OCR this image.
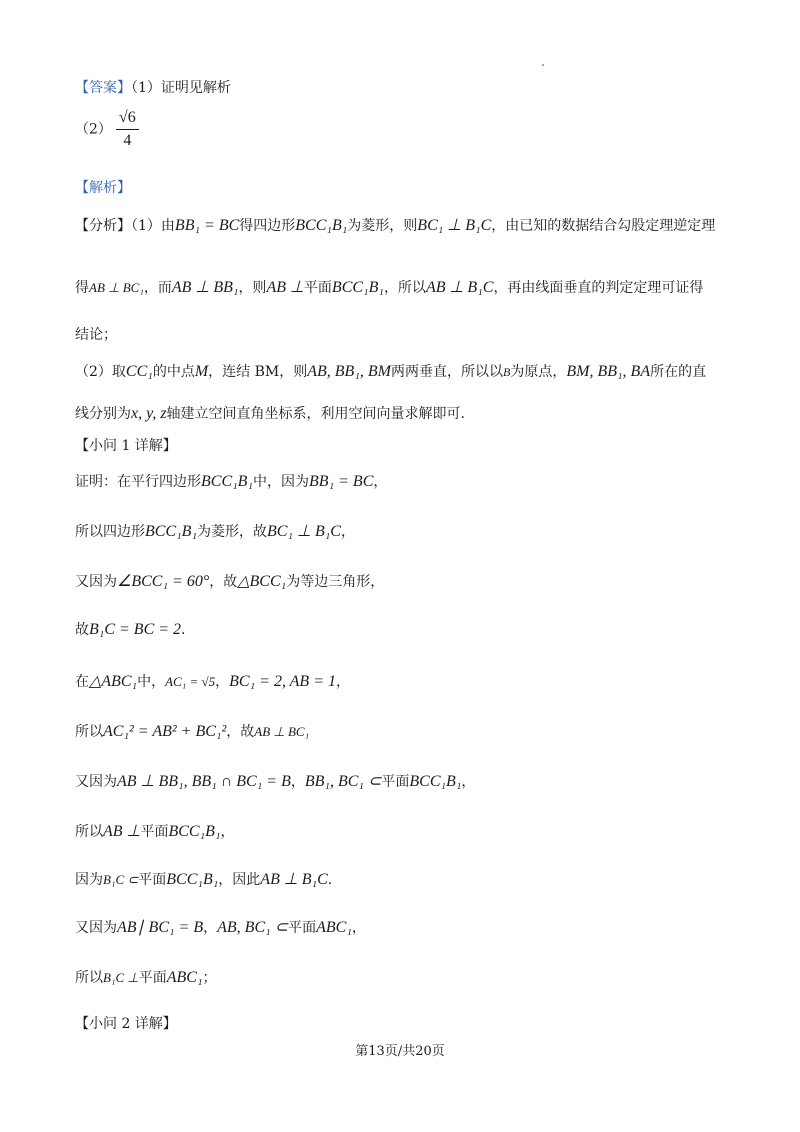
【答案】（1）证明见解析
$(2) \frac{√6}{4}$
【解析】
【分析】（1）由BB₁ = BC得四边形BCC₁B₁为菱形，则BC₁ ⊥ B₁C，由已知的数据结合勾股定理逆定理
得AB ⊥ BC₁，而AB ⊥ BB₁，则AB ⊥平面BCC₁B₁，所以AB ⊥ B₁C，再由线面垂直的判定定理可证得
结论；
（2）取CC₁的中点M，连结 BM，则AB, BB₁, BM两两垂直，所以以B为原点，BM, BB₁, BA所在的直
线分别为x, y, z轴建立空间直角坐标系，利用空间向量求解即可.
【小问 1 详解】
证明：在平行四边形BCC₁B₁中，因为BB₁ = BC，
所以四边形BCC₁B₁为菱形，故BC₁ ⊥ B₁C，
又因为∠BCC₁ = 60°，故△BCC₁为等边三角形，
故B₁C = BC = 2.
在△ABC₁中，AC₁ = √5，BC₁ = 2, AB = 1，
所以AC₁² = AB² + BC₁²，故AB ⊥ BC₁
又因为AB ⊥ BB₁, BB₁ ∩ BC₁ = B，BB₁, BC₁ ⊂平面BCC₁B₁，
所以AB ⊥平面BCC₁B₁，
因为B₁C ⊂平面BCC₁B₁，因此AB ⊥ B₁C.
又因为AB∣ BC₁ = B，AB, BC₁ ⊂平面ABC₁，
所以B₁C ⊥平面ABC₁；
【小问 2 详解】
第13页/共20页
